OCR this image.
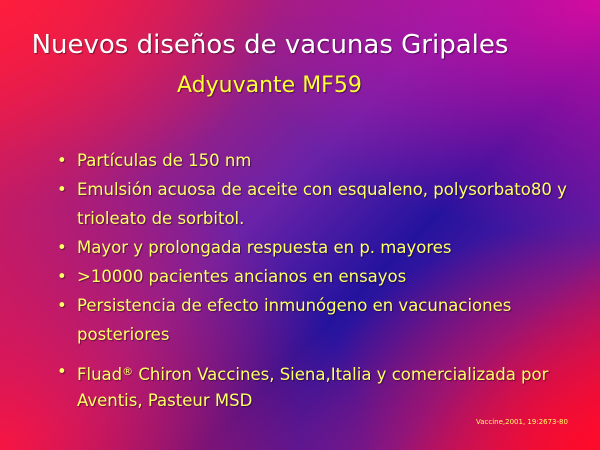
Nuevos diseños de vacunas Gripales
Adyuvante MF59
• Partículas de 150 nm
• Emulsión acuosa de aceite con esqualeno, polysorbato80 y trioleato de sorbitol.
• Mayor y prolongada respuesta en p. mayores
• >10000 pacientes ancianos en ensayos
• Persistencia de efecto inmunógeno en vacunaciones posteriores
• Fluad® Chiron Vaccines, Siena,Italia y comercializada por Aventis, Pasteur MSD
Vaccine,2001, 19:2673-80
